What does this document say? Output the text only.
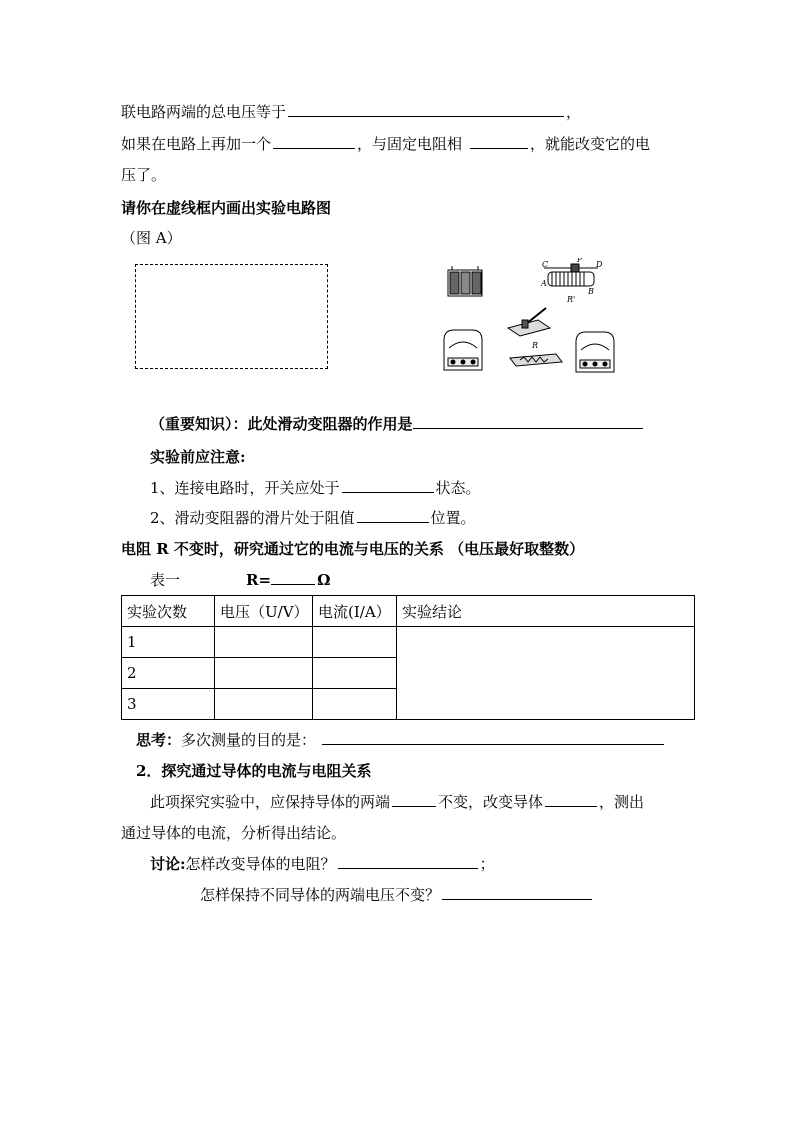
联电路两端的总电压等于	，
如果在电路上再加一个	，与固定电阻相	，就能改变它的电
压了。
请你在虚线框内画出实验电路图
（图 A）
C
P
D
A
B
R'
R
（重要知识）：此处滑动变阻器的作用是
实验前应注意:
1、连接电路时，开关应处于	状态。
2、滑动变阻器的滑片处于阻值	位置。
电阻 R 不变时，研究通过它的电流与电压的关系 （电压最好取整数）
表一	R=	Ω
实验次数	电压（U/V）	电流(I/A）	实验结论
1			
2			
3			
思考：多次测量的目的是：
2．探究通过导体的电流与电阻关系
此项探究实验中，应保持导体的两端	不变，改变导体	，测出
通过导体的电流，分析得出结论。
讨论:怎样改变导体的电阻？	；
怎样保持不同导体的两端电压不变？
